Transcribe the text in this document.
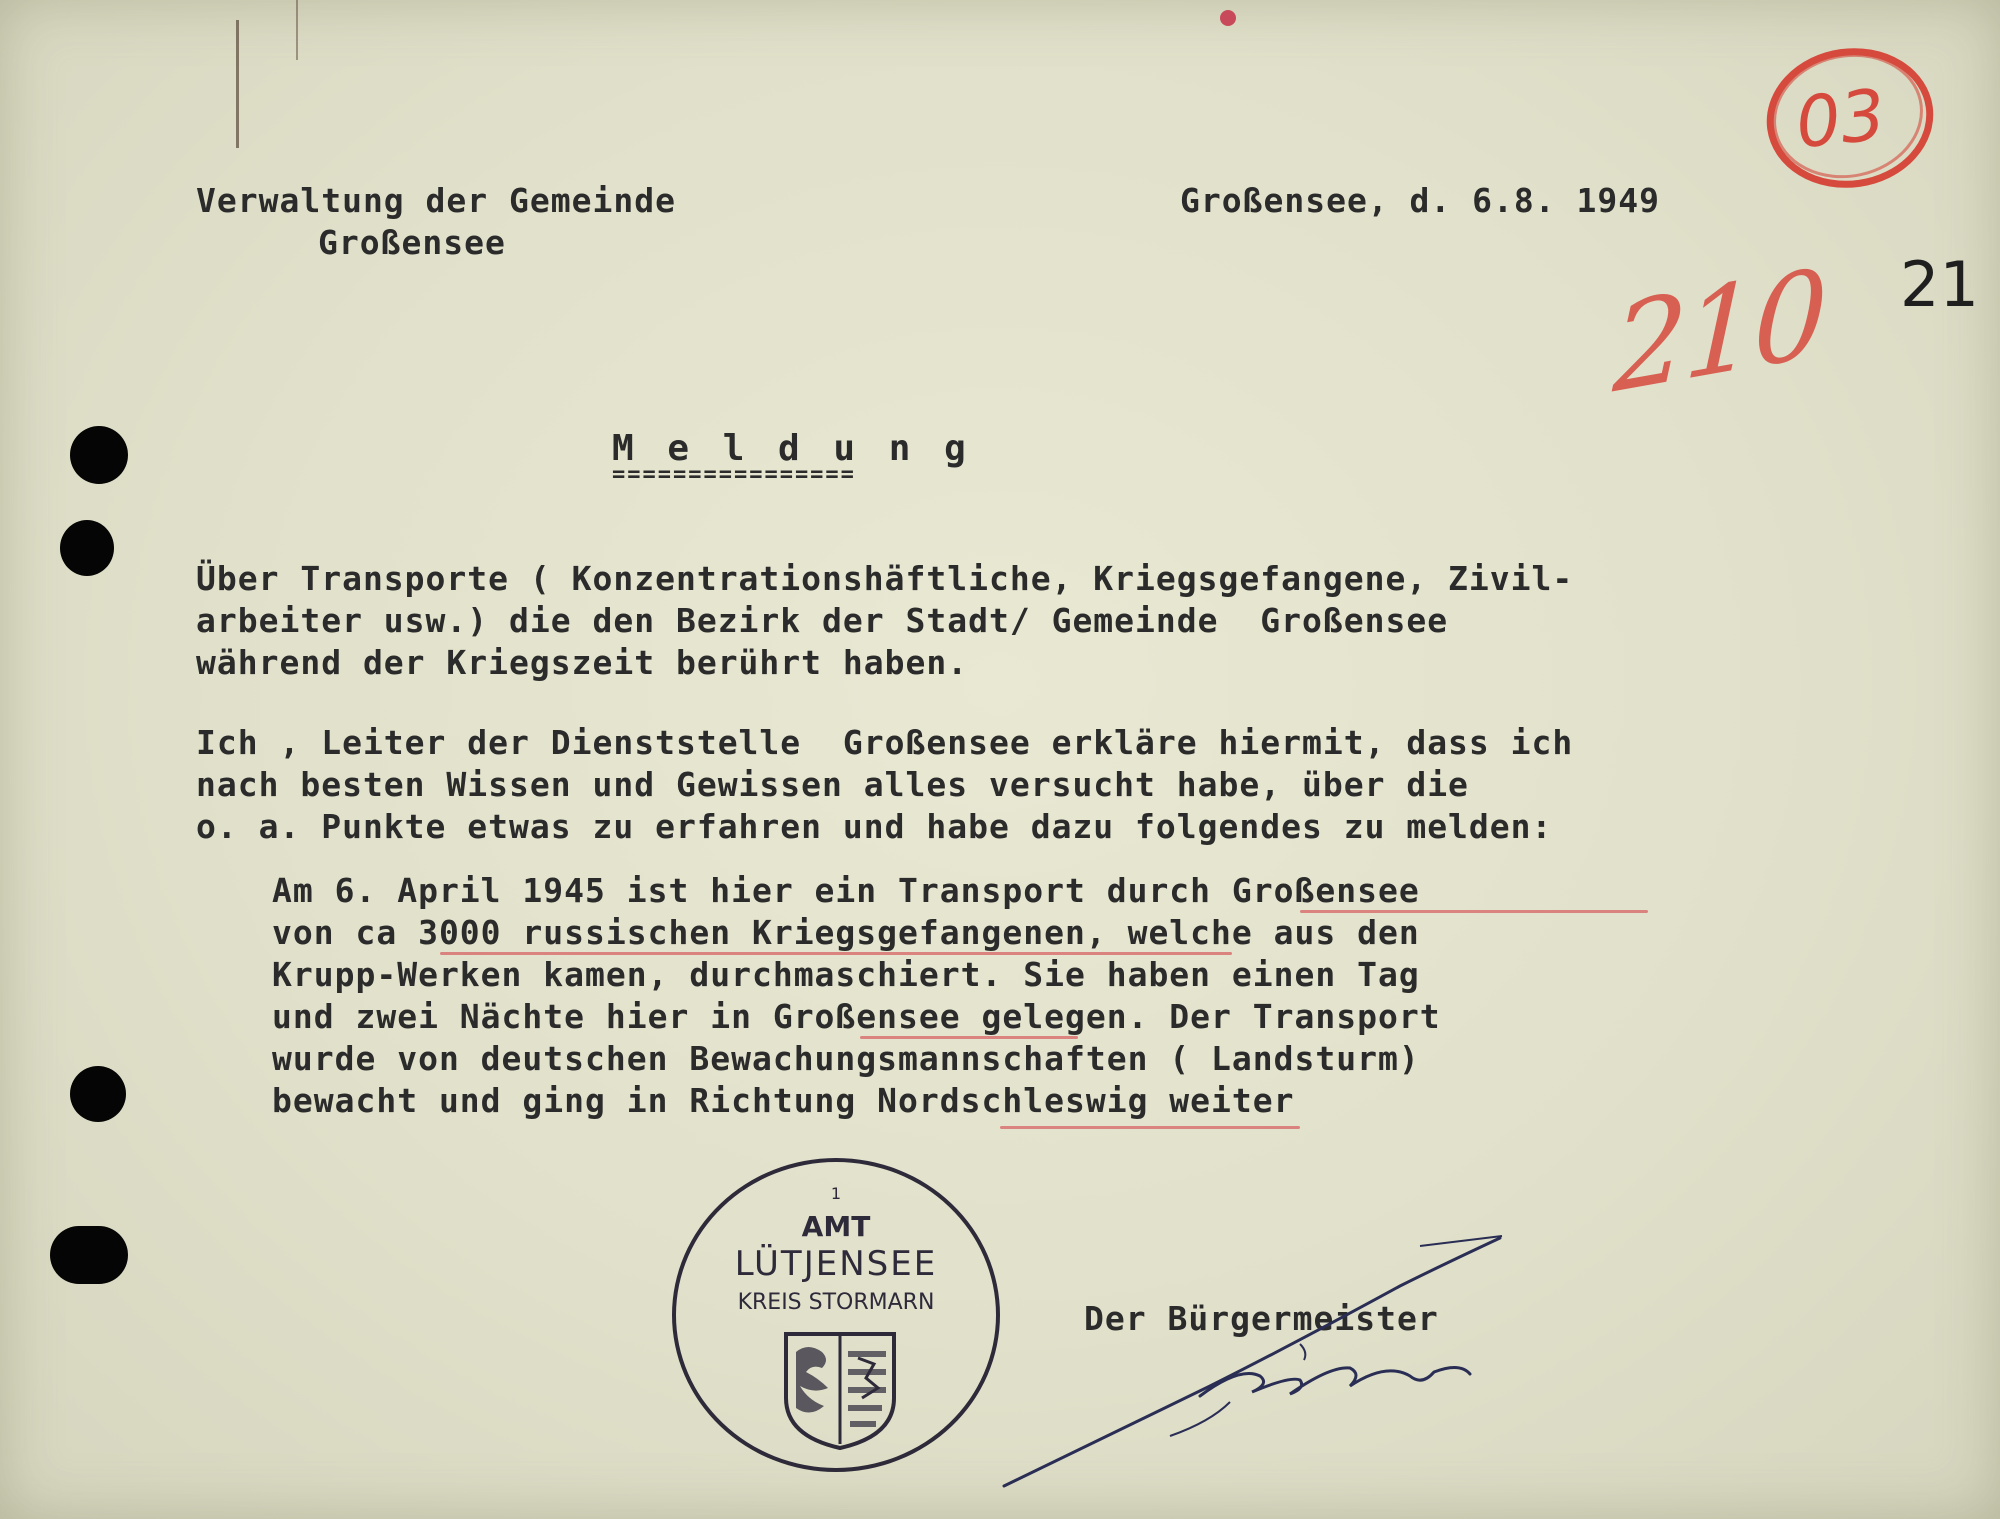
Verwaltung der Gemeinde

Großensee

Großensee, d. 6.8. 1949

03
210 21

M e l d u n g

================

Über Transporte ( Konzentrationshäftliche, Kriegsgefangene, Zivil-

arbeiter usw.) die den Bezirk der Stadt/ Gemeinde  Großensee

während der Kriegszeit berührt haben.

Ich , Leiter der Dienststelle  Großensee erkläre hiermit, dass ich

nach besten Wissen und Gewissen alles versucht habe, über die

o. a. Punkte etwas zu erfahren und habe dazu folgendes zu melden:

Am 6. April 1945 ist hier ein Transport durch Großensee

von ca 3000 russischen Kriegsgefangenen, welche aus den

Krupp-Werken kamen, durchmaschiert. Sie haben einen Tag

und zwei Nächte hier in Großensee gelegen. Der Transport

wurde von deutschen Bewachungsmannschaften ( Landsturm)

bewacht und ging in Richtung Nordschleswig weiter

1
AMT
LÜTJENSEE
KREIS STORMARN	Der Bürgermeister
